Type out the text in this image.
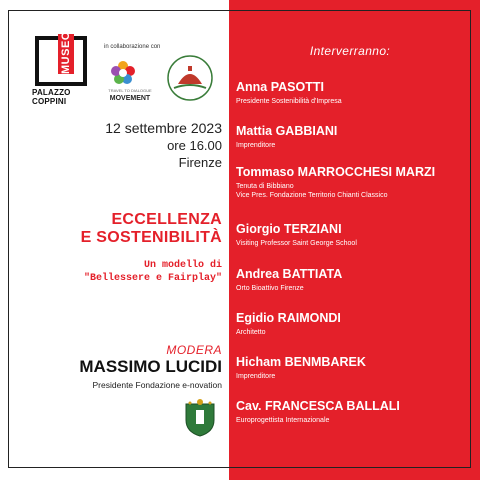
MUSEO
PALAZZO COPPINI
in collaborazione con
TRAVEL TO DIALOGUE
MOVEMENT
12 settembre 2023
ore 16.00
Firenze
ECCELLENZA
E SOSTENIBILITÀ
Un modello di
"Bellessere e Fairplay"
MODERA
MASSIMO LUCIDI
Presidente Fondazione e-novation
Interverranno:
Anna PASOTTI
Presidente Sostenibilità d'Impresa
Mattia GABBIANI
Imprenditore
Tommaso MARROCCHESI MARZI
Tenuta di Bibbiano
Vice Pres. Fondazione Territorio Chianti Classico
Giorgio TERZIANI
Visiting Professor Saint George School
Andrea BATTIATA
Orto Bioattivo Firenze
Egidio RAIMONDI
Architetto
Hicham BENMBAREK
Imprenditore
Cav. FRANCESCA BALLALI
Europrogettista Internazionale
